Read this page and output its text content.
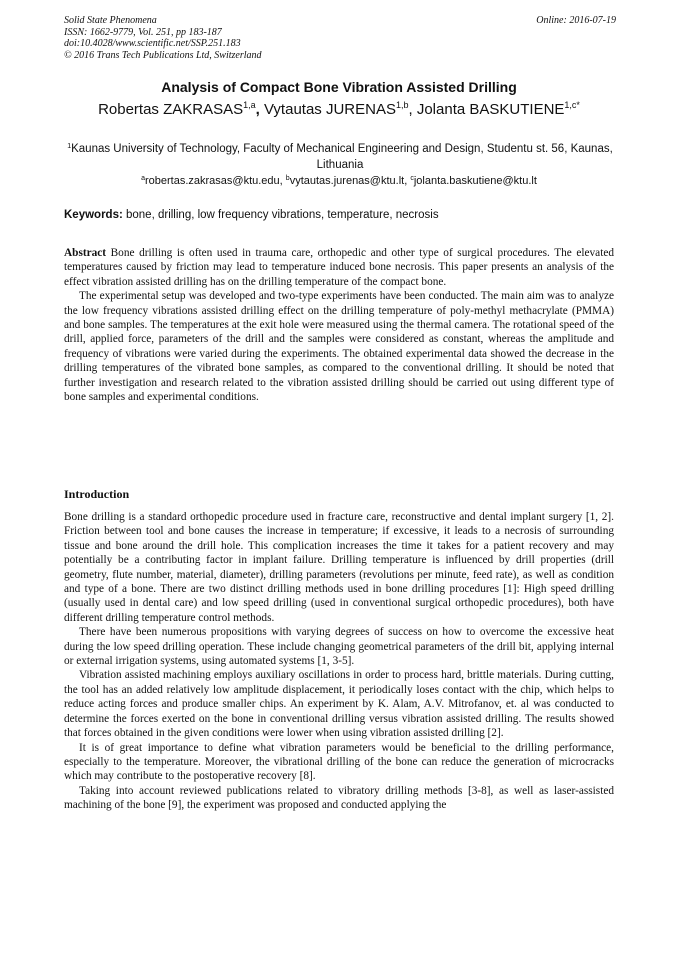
Solid State Phenomena
ISSN: 1662-9779, Vol. 251, pp 183-187
doi:10.4028/www.scientific.net/SSP.251.183
© 2016 Trans Tech Publications Ltd, Switzerland
Online: 2016-07-19
Analysis of Compact Bone Vibration Assisted Drilling
Robertas ZAKRASAS$^{1,a}$, Vytautas JURENAS$^{1,b}$, Jolanta $BASKUTIENE^{1,c*}$
$^1$Kaunas University of Technology, Faculty of Mechanical Engineering and Design, Studentu st. 56, Kaunas, Lithuania
$^a$robertas.zakrasas@ktu.edu, $^b$vytautas.jurenas@ktu.lt, $^c$jolanta.baskutiene@ktu.lt
Keywords: bone, drilling, low frequency vibrations, temperature, necrosis

Abstract Bone drilling is often used in trauma care, orthopedic and other type of surgical procedures. The elevated temperatures caused by friction may lead to temperature induced bone necrosis. This paper presents an analysis of the effect vibration assisted drilling has on the drilling temperature of the compact bone.

The experimental setup was developed and two-type experiments have been conducted. The main aim was to analyze the low frequency vibrations assisted drilling effect on the drilling temperature of poly-methyl methacrylate (PMMA) and bone samples. The temperatures at the exit hole were measured using the thermal camera. The rotational speed of the drill, applied force, parameters of the drill and the samples were considered as constant, whereas the amplitude and frequency of vibrations were varied during the experiments. The obtained experimental data showed the decrease in the drilling temperatures of the vibrated bone samples, as compared to the conventional drilling. It should be noted that further investigation and research related to the vibration assisted drilling should be carried out using different type of bone samples and experimental conditions.

Introduction

Bone drilling is a standard orthopedic procedure used in fracture care, reconstructive and dental implant surgery [1, 2]. Friction between tool and bone causes the increase in temperature; if excessive, it leads to a necrosis of surrounding tissue and bone around the drill hole. This complication increases the time it takes for a patient recovery and may potentially be a contributing factor in implant failure. Drilling temperature is influenced by drill properties (drill geometry, flute number, material, diameter), drilling parameters (revolutions per minute, feed rate), as well as condition and type of a bone. There are two distinct drilling methods used in bone drilling procedures [1]: High speed drilling (usually used in dental care) and low speed drilling (used in conventional surgical orthopedic procedures), both have different drilling temperature control methods.

There have been numerous propositions with varying degrees of success on how to overcome the excessive heat during the low speed drilling operation. These include changing geometrical parameters of the drill bit, applying internal or external irrigation systems, using automated systems [1, 3-5].

Vibration assisted machining employs auxiliary oscillations in order to process hard, brittle materials. During cutting, the tool has an added relatively low amplitude displacement, it periodically loses contact with the chip, which helps to reduce acting forces and produce smaller chips. An experiment by K. Alam, A.V. Mitrofanov, et. al was conducted to determine the forces exerted on the bone in conventional drilling versus vibration assisted drilling. The results showed that forces obtained in the given conditions were lower when using vibration assisted drilling [2].

It is of great importance to define what vibration parameters would be beneficial to the drilling performance, especially to the temperature. Moreover, the vibrational drilling of the bone can reduce the generation of microcracks which may contribute to the postoperative recovery [8].

Taking into account reviewed publications related to vibratory drilling methods [3-8], as well as laser-assisted machining of the bone [9], the experiment was proposed and conducted applying the
